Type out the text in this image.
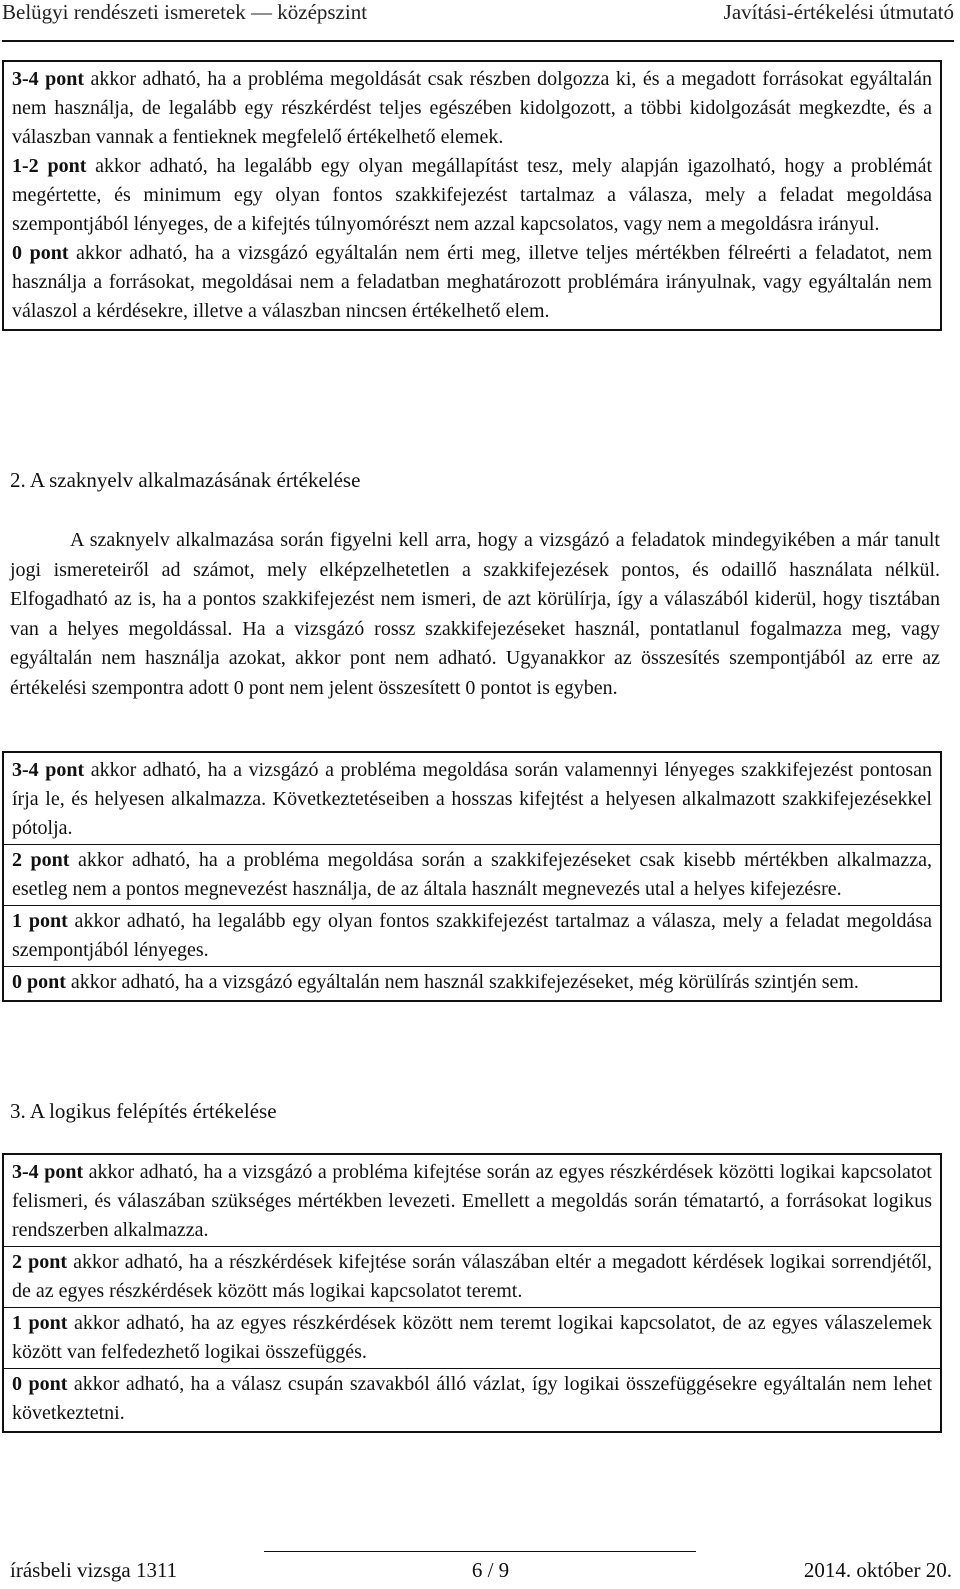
Belügyi rendészeti ismeretek — középszint	Javítási-értékelési útmutató

3-4 pont akkor adható, ha a probléma megoldását csak részben dolgozza ki, és a megadott forrásokat egyáltalán nem használja, de legalább egy részkérdést teljes egészében kidolgozott, a többi kidolgozását megkezdte, és a válaszban vannak a fentieknek megfelelő értékelhető elemek.

1-2 pont akkor adható, ha legalább egy olyan megállapítást tesz, mely alapján igazolható, hogy a problémát megértette, és minimum egy olyan fontos szakkifejezést tartalmaz a válasza, mely a feladat megoldása szempontjából lényeges, de a kifejtés túlnyomórészt nem azzal kapcsolatos, vagy nem a megoldásra irányul.

0 pont akkor adható, ha a vizsgázó egyáltalán nem érti meg, illetve teljes mértékben félreérti a feladatot, nem használja a forrásokat, megoldásai nem a feladatban meghatározott problémára irányulnak, vagy egyáltalán nem válaszol a kérdésekre, illetve a válaszban nincsen értékelhető elem.

2. A szaknyelv alkalmazásának értékelése

A szaknyelv alkalmazása során figyelni kell arra, hogy a vizsgázó a feladatok mindegyikében a már tanult jogi ismereteiről ad számot, mely elképzelhetetlen a szakkifejezések pontos, és odaillő használata nélkül. Elfogadható az is, ha a pontos szakkifejezést nem ismeri, de azt körülírja, így a válaszából kiderül, hogy tisztában van a helyes megoldással. Ha a vizsgázó rossz szakkifejezéseket használ, pontatlanul fogalmazza meg, vagy egyáltalán nem használja azokat, akkor pont nem adható. Ugyanakkor az összesítés szempontjából az erre az értékelési szempontra adott 0 pont nem jelent összesített 0 pontot is egyben.

3-4 pont akkor adható, ha a vizsgázó a probléma megoldása során valamennyi lényeges szakkifejezést pontosan írja le, és helyesen alkalmazza. Következtetéseiben a hosszas kifejtést a helyesen alkalmazott szakkifejezésekkel pótolja.

2 pont akkor adható, ha a probléma megoldása során a szakkifejezéseket csak kisebb mértékben alkalmazza, esetleg nem a pontos megnevezést használja, de az általa használt megnevezés utal a helyes kifejezésre.

1 pont akkor adható, ha legalább egy olyan fontos szakkifejezést tartalmaz a válasza, mely a feladat megoldása szempontjából lényeges.

0 pont akkor adható, ha a vizsgázó egyáltalán nem használ szakkifejezéseket, még körülírás szintjén sem.

3. A logikus felépítés értékelése

3-4 pont akkor adható, ha a vizsgázó a probléma kifejtése során az egyes részkérdések közötti logikai kapcsolatot felismeri, és válaszában szükséges mértékben levezeti. Emellett a megoldás során tématartó, a forrásokat logikus rendszerben alkalmazza.

2 pont akkor adható, ha a részkérdések kifejtése során válaszában eltér a megadott kérdések logikai sorrendjétől, de az egyes részkérdések között más logikai kapcsolatot teremt.

1 pont akkor adható, ha az egyes részkérdések között nem teremt logikai kapcsolatot, de az egyes válaszelemek között van felfedezhető logikai összefüggés.

0 pont akkor adható, ha a válasz csupán szavakból álló vázlat, így logikai összefüggésekre egyáltalán nem lehet következtetni.

írásbeli vizsga 1311	6 / 9	2014. október 20.
